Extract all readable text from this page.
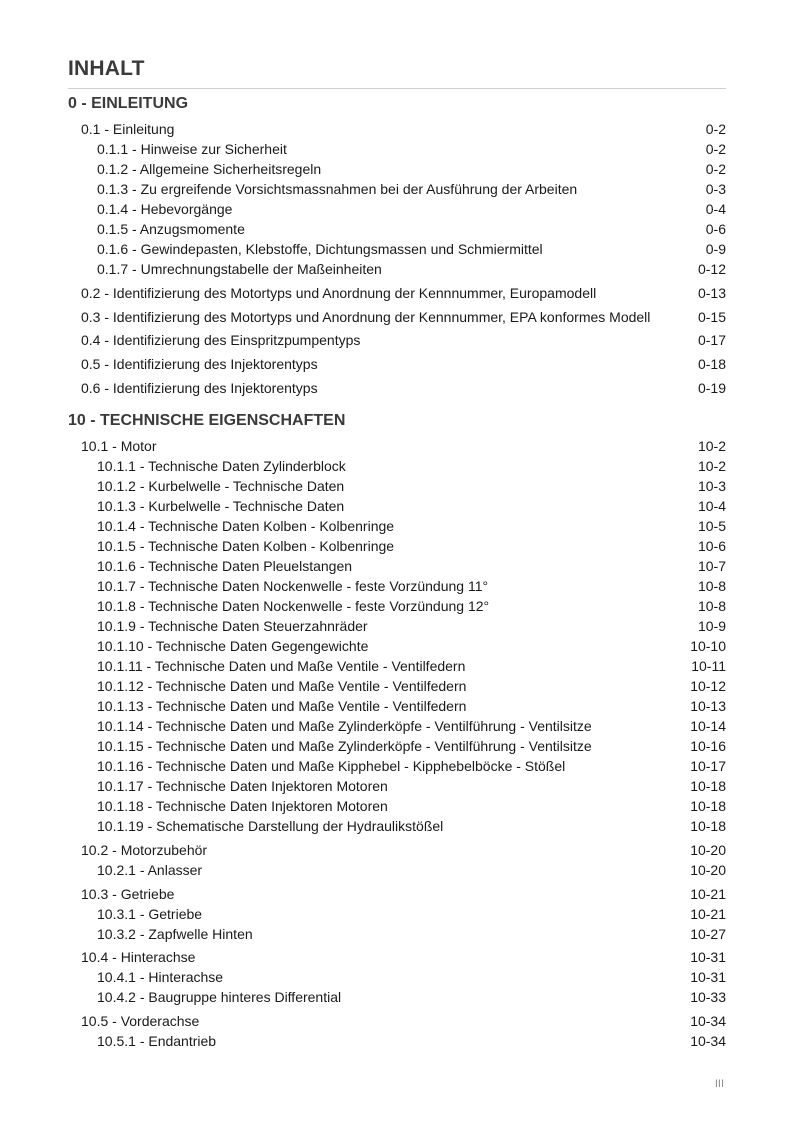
INHALT
0 - EINLEITUNG
0.1 - Einleitung	0-2
0.1.1 - Hinweise zur Sicherheit	0-2
0.1.2 - Allgemeine Sicherheitsregeln	0-2
0.1.3 - Zu ergreifende Vorsichtsmassnahmen bei der Ausführung der Arbeiten	0-3
0.1.4 - Hebevorgänge	0-4
0.1.5 - Anzugsmomente	0-6
0.1.6 - Gewindepasten, Klebstoffe, Dichtungsmassen und Schmiermittel	0-9
0.1.7 - Umrechnungstabelle der Maßeinheiten	0-12
0.2 - Identifizierung des Motortyps und Anordnung der Kennnummer, Europamodell	0-13
0.3 - Identifizierung des Motortyps und Anordnung der Kennnummer, EPA konformes Modell	0-15
0.4 - Identifizierung des Einspritzpumpentyps	0-17
0.5 - Identifizierung des Injektorentyps	0-18
0.6 - Identifizierung des Injektorentyps	0-19
10 - TECHNISCHE EIGENSCHAFTEN
10.1 - Motor	10-2
10.1.1 - Technische Daten Zylinderblock	10-2
10.1.2 - Kurbelwelle - Technische Daten	10-3
10.1.3 - Kurbelwelle - Technische Daten	10-4
10.1.4 - Technische Daten Kolben - Kolbenringe	10-5
10.1.5 - Technische Daten Kolben - Kolbenringe	10-6
10.1.6 - Technische Daten Pleuelstangen	10-7
10.1.7 - Technische Daten Nockenwelle - feste Vorzündung 11°	10-8
10.1.8 - Technische Daten Nockenwelle - feste Vorzündung 12°	10-8
10.1.9 - Technische Daten Steuerzahnräder	10-9
10.1.10 - Technische Daten Gegengewichte	10-10
10.1.11 - Technische Daten und Maße Ventile - Ventilfedern	10-11
10.1.12 - Technische Daten und Maße Ventile - Ventilfedern	10-12
10.1.13 - Technische Daten und Maße Ventile - Ventilfedern	10-13
10.1.14 - Technische Daten und Maße Zylinderköpfe - Ventilführung - Ventilsitze	10-14
10.1.15 - Technische Daten und Maße Zylinderköpfe - Ventilführung - Ventilsitze	10-16
10.1.16 - Technische Daten und Maße Kipphebel - Kipphebelböcke - Stößel	10-17
10.1.17 - Technische Daten Injektoren Motoren	10-18
10.1.18 - Technische Daten Injektoren Motoren	10-18
10.1.19 - Schematische Darstellung der Hydraulikstößel	10-18
10.2 - Motorzubehör	10-20
10.2.1 - Anlasser	10-20
10.3 - Getriebe	10-21
10.3.1 - Getriebe	10-21
10.3.2 - Zapfwelle Hinten	10-27
10.4 - Hinterachse	10-31
10.4.1 - Hinterachse	10-31
10.4.2 - Baugruppe hinteres Differential	10-33
10.5 - Vorderachse	10-34
10.5.1 - Endantrieb	10-34
III
